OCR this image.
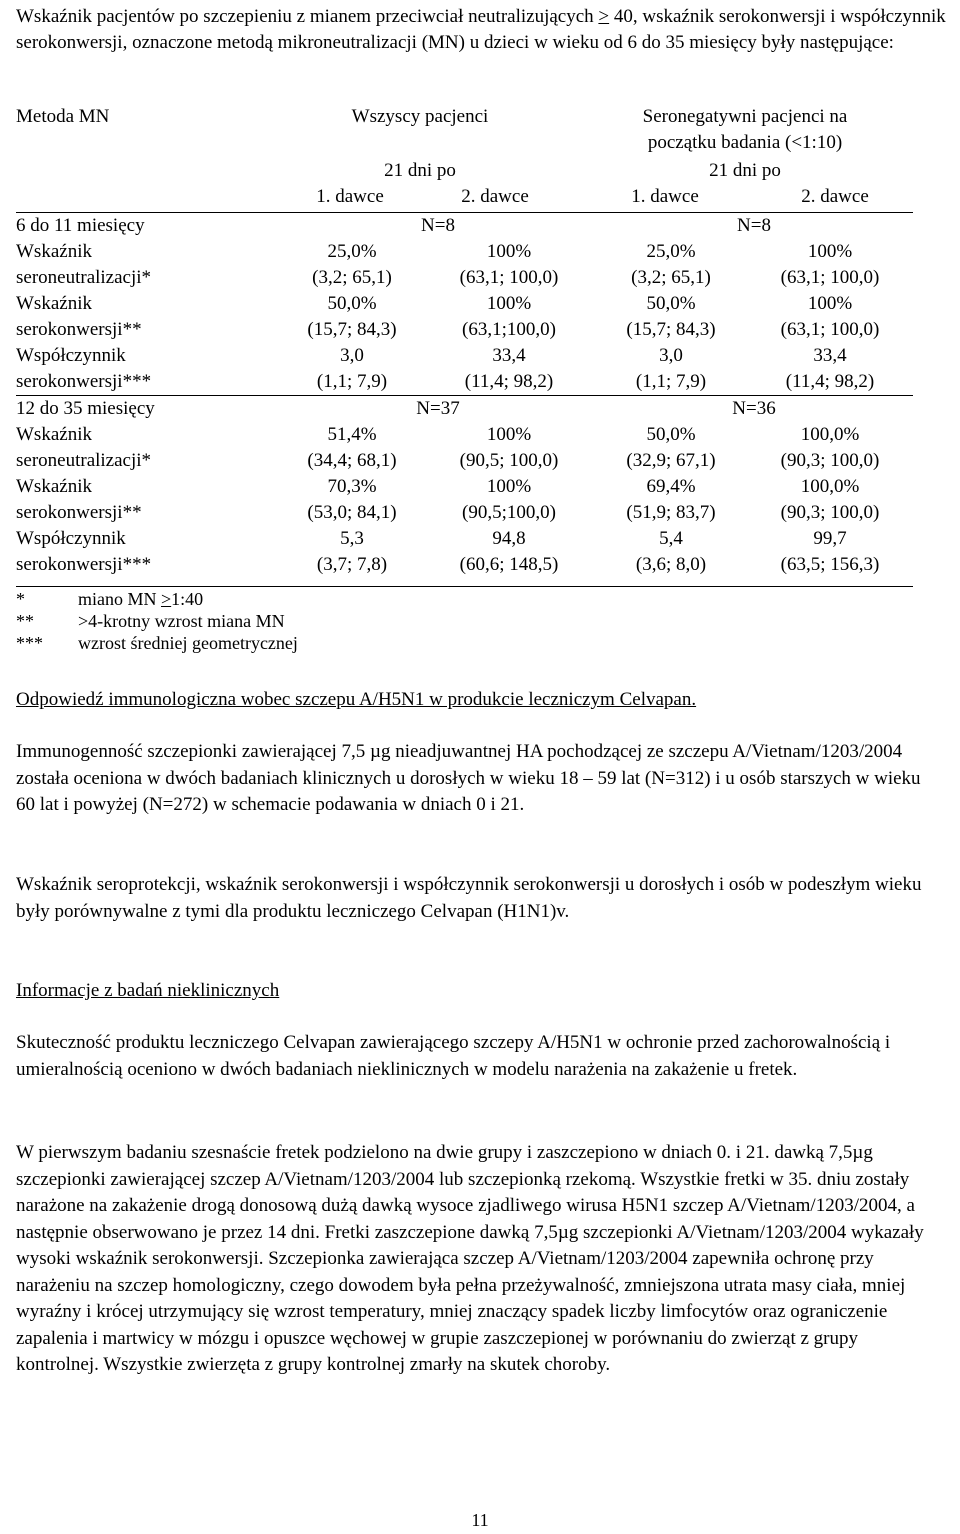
Wskaźnik pacjentów po szczepieniu z mianem przeciwciał neutralizujących ≥ 40, wskaźnik serokonwersji i współczynnik serokonwersji, oznaczone metodą mikroneutralizacji (MN) u dzieci w wieku od 6 do 35 miesięcy były następujące:

Metoda MN	Wszyscy pacjenci	Seronegatywni pacjenci na
początku badania (<1:10)
21 dni po	21 dni po
1. dawce	2. dawce	1. dawce	2. dawce
6 do 11 miesięcy	N=8		N=8	
Wskaźnik	25,0%	100%	25,0%	100%
seroneutralizacji*	(3,2; 65,1)	(63,1; 100,0)	(3,2; 65,1)	(63,1; 100,0)
Wskaźnik	50,0%	100%	50,0%	100%
serokonwersji**	(15,7; 84,3)	(63,1;100,0)	(15,7; 84,3)	(63,1; 100,0)
Współczynnik	3,0	33,4	3,0	33,4
serokonwersji***	(1,1; 7,9)	(11,4; 98,2)	(1,1; 7,9)	(11,4; 98,2)
12 do 35 miesięcy	N=37		N=36	
Wskaźnik	51,4%	100%	50,0%	100,0%
seroneutralizacji*	(34,4; 68,1)	(90,5; 100,0)	(32,9; 67,1)	(90,3; 100,0)
Wskaźnik	70,3%	100%	69,4%	100,0%
serokonwersji**	(53,0; 84,1)	(90,5;100,0)	(51,9; 83,7)	(90,3; 100,0)
Współczynnik	5,3	94,8	5,4	99,7
serokonwersji***	(3,7; 7,8)	(60,6; 148,5)	(3,6; 8,0)	(63,5; 156,3)
*	miano MN ≥1:40
** >4-krotny wzrost miana MN
*** wzrost średniej geometrycznej

Odpowiedź immunologiczna wobec szczepu A/H5N1 w produkcie leczniczym Celvapan.

Immunogenność szczepionki zawierającej 7,5 µg nieadjuwantnej HA pochodzącej ze szczepu A/Vietnam/1203/2004 została oceniona w dwóch badaniach klinicznych u dorosłych w wieku 18 – 59 lat (N=312) i u osób starszych w wieku 60 lat i powyżej (N=272) w schemacie podawania w dniach 0 i 21.

Wskaźnik seroprotekcji, wskaźnik serokonwersji i współczynnik serokonwersji u dorosłych i osób w podeszłym wieku były porównywalne z tymi dla produktu leczniczego Celvapan (H1N1)v.

Informacje z badań nieklinicznych

Skuteczność produktu leczniczego Celvapan zawierającego szczepy A/H5N1 w ochronie przed zachorowalnością i umieralnością oceniono w dwóch badaniach nieklinicznych w modelu narażenia na zakażenie u fretek.

W pierwszym badaniu szesnaście fretek podzielono na dwie grupy i zaszczepiono w dniach 0. i 21. dawką 7,5µg szczepionki zawierającej szczep A/Vietnam/1203/2004 lub szczepionką rzekomą. Wszystkie fretki w 35. dniu zostały narażone na zakażenie drogą donosową dużą dawką wysoce zjadliwego wirusa H5N1 szczep A/Vietnam/1203/2004, a następnie obserwowano je przez 14 dni. Fretki zaszczepione dawką 7,5µg szczepionki A/Vietnam/1203/2004 wykazały wysoki wskaźnik serokonwersji. Szczepionka zawierająca szczep A/Vietnam/1203/2004 zapewniła ochronę przy narażeniu na szczep homologiczny, czego dowodem była pełna przeżywalność, zmniejszona utrata masy ciała, mniej wyraźny i krócej utrzymujący się wzrost temperatury, mniej znaczący spadek liczby limfocytów oraz ograniczenie zapalenia i martwicy w mózgu i opuszce węchowej w grupie zaszczepionej w porównaniu do zwierząt z grupy kontrolnej. Wszystkie zwierzęta z grupy kontrolnej zmarły na skutek choroby.

11
